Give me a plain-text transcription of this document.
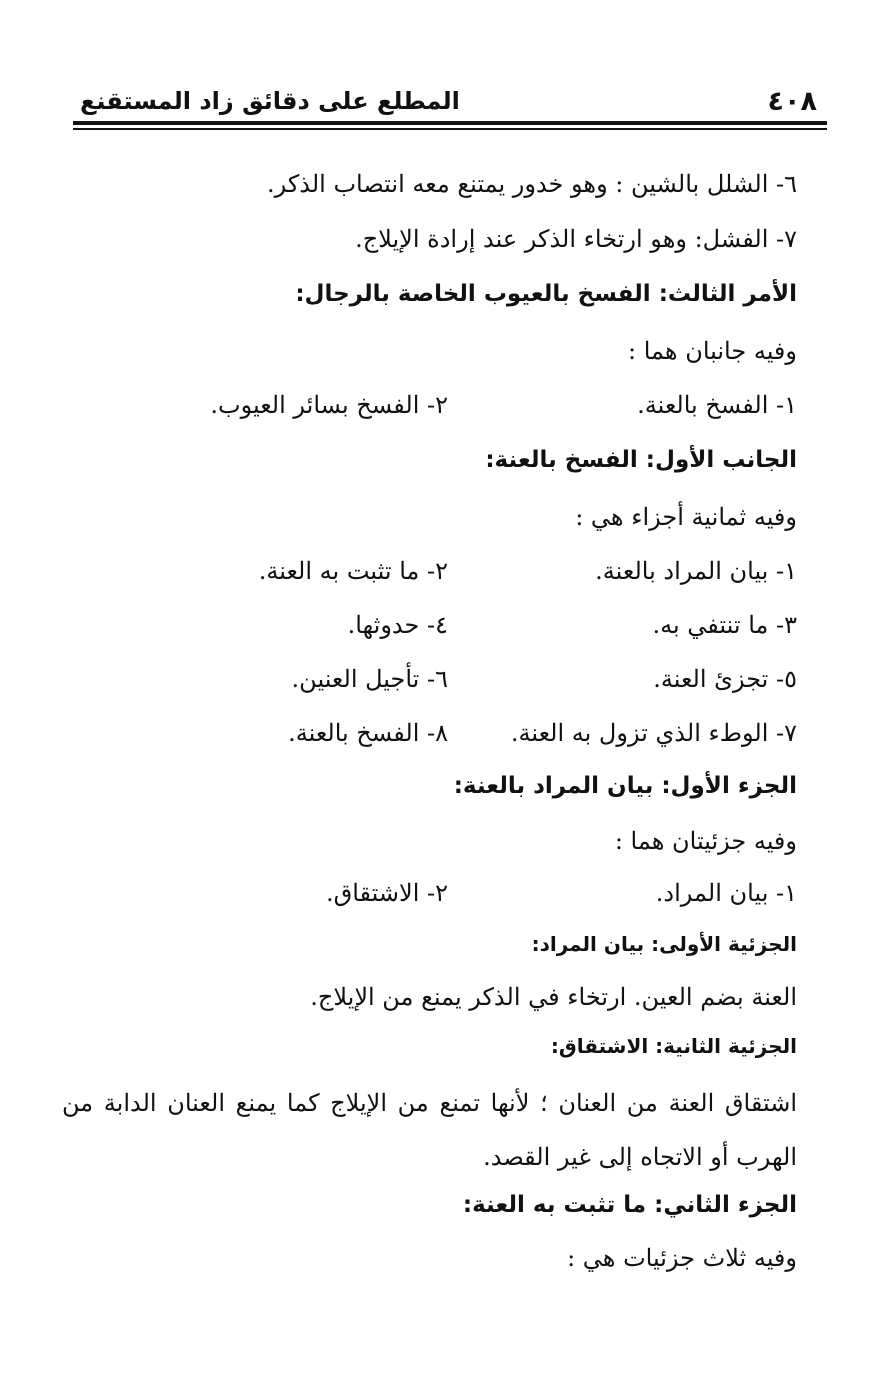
٤٠٨
المطلع على دقائق زاد المستقنع
٦- الشلل بالشين : وهو خدور يمتنع معه انتصاب الذكر.
٧- الفشل: وهو ارتخاء الذكر عند إرادة الإيلاج.
الأمر الثالث: الفسخ بالعيوب الخاصة بالرجال:
وفيه جانبان هما :
١- الفسخ بالعنة.
٢- الفسخ بسائر العيوب.
الجانب الأول: الفسخ بالعنة:
وفيه ثمانية أجزاء هي :
١- بيان المراد بالعنة.
٢- ما تثبت به العنة.
٣- ما تنتفي به.
٤- حدوثها.
٥- تجزئ العنة.
٦- تأجيل العنين.
٧- الوطء الذي تزول به العنة.
٨- الفسخ بالعنة.
الجزء الأول: بيان المراد بالعنة:
وفيه جزئيتان هما :
١- بيان المراد.
٢- الاشتقاق.
الجزئية الأولى: بيان المراد:
العنة بضم العين. ارتخاء في الذكر يمنع من الإيلاج.
الجزئية الثانية: الاشتقاق:
اشتقاق العنة من العنان ؛ لأنها تمنع من الإيلاج كما يمنع العنان الدابة من الهرب أو الاتجاه إلى غير القصد.
الجزء الثاني: ما تثبت به العنة:
وفيه ثلاث جزئيات هي :
